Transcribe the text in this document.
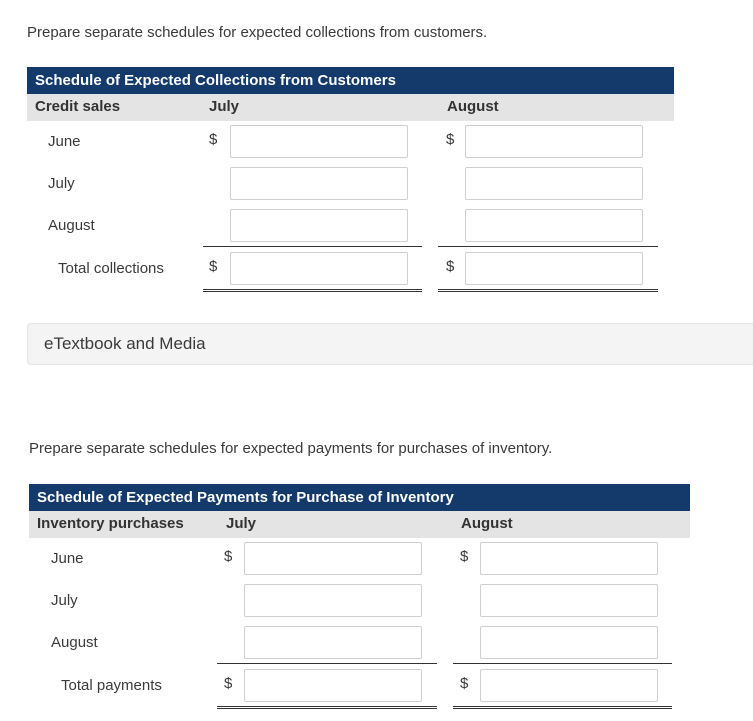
Prepare separate schedules for expected collections from customers.
Schedule of Expected Collections from Customers
Credit sales	July	August
June	$	$
July
August
Total collections	$	$
eTextbook and Media
Prepare separate schedules for expected payments for purchases of inventory.
Schedule of Expected Payments for Purchase of Inventory
Inventory purchases	July	August
June	$	$
July
August
Total payments	$	$
